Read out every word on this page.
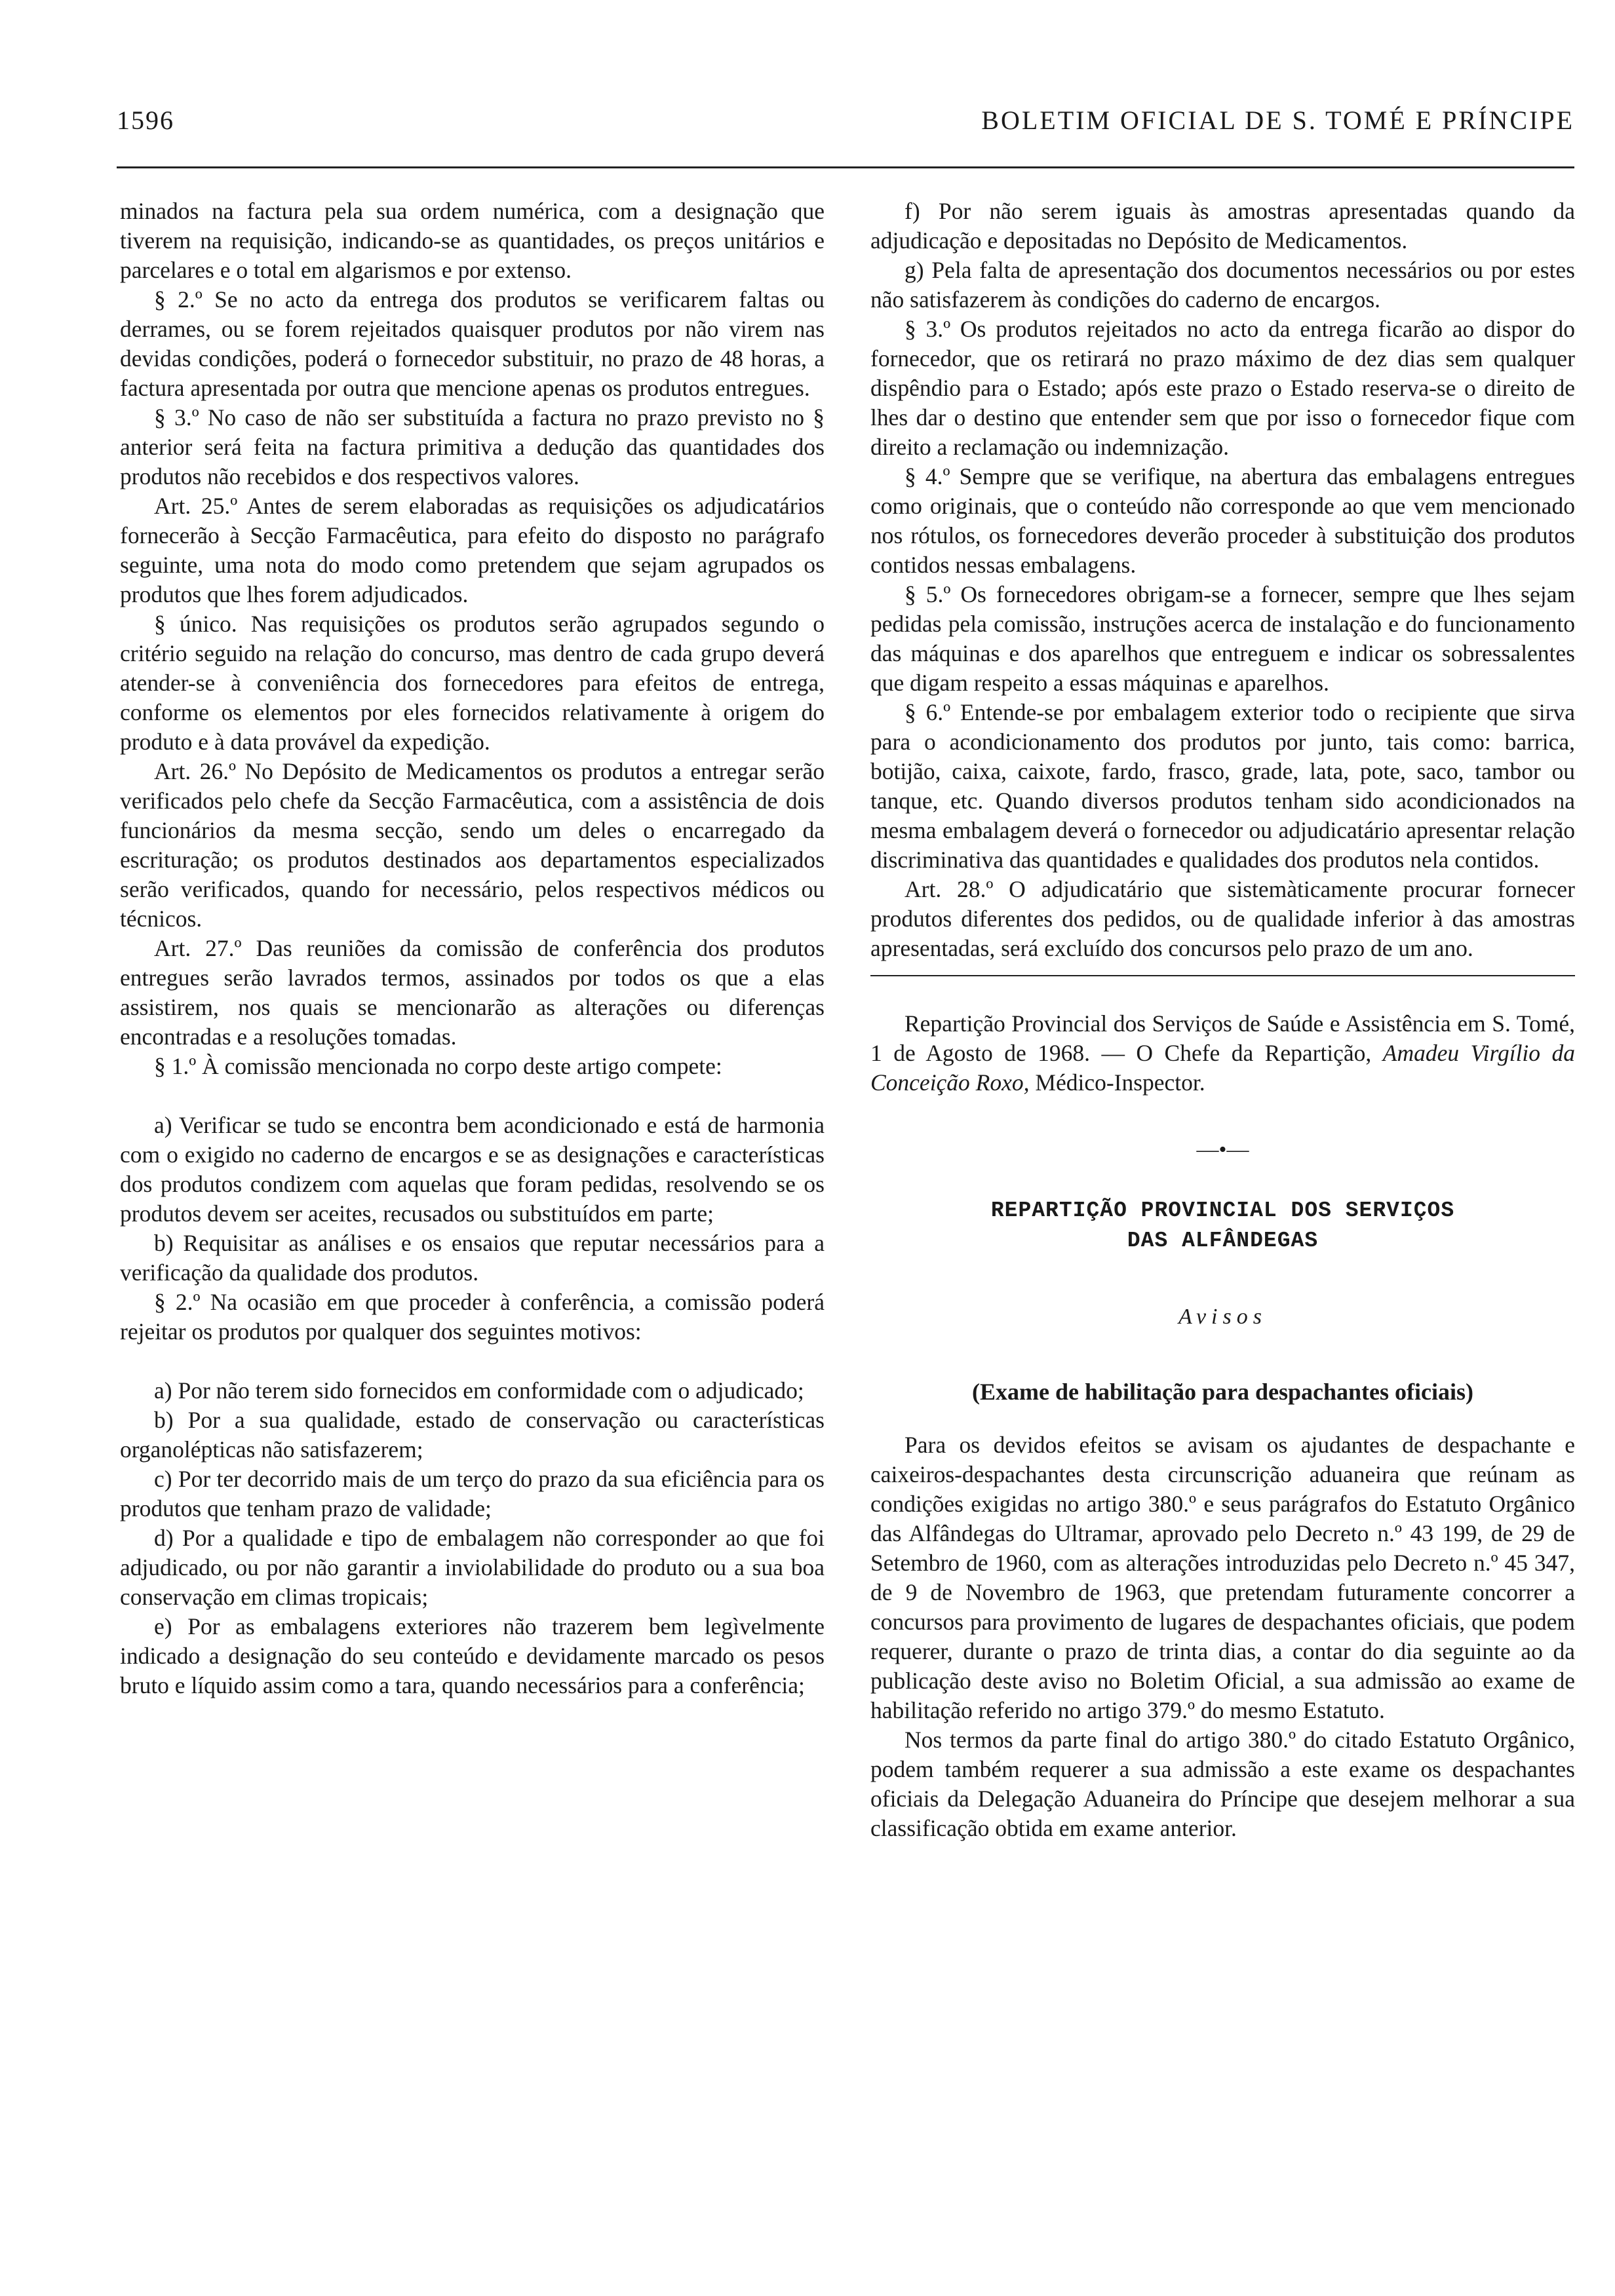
1596	BOLETIM OFICIAL DE S. TOMÉ E PRÍNCIPE

minados na factura pela sua ordem numérica, com a designação que tiverem na requisição, indicando-se as quantidades, os preços unitários e parcelares e o total em algarismos e por extenso.

§ 2.º Se no acto da entrega dos produtos se verificarem faltas ou derrames, ou se forem rejeitados quaisquer produtos por não virem nas devidas condições, poderá o fornecedor substituir, no prazo de 48 horas, a factura apresentada por outra que mencione apenas os produtos entregues.

§ 3.º No caso de não ser substituída a factura no prazo previsto no § anterior será feita na factura primitiva a dedução das quantidades dos produtos não recebidos e dos respectivos valores.

Art. 25.º Antes de serem elaboradas as requisições os adjudicatários fornecerão à Secção Farmacêutica, para efeito do disposto no parágrafo seguinte, uma nota do modo como pretendem que sejam agrupados os produtos que lhes forem adjudicados.

§ único. Nas requisições os produtos serão agrupados segundo o critério seguido na relação do concurso, mas dentro de cada grupo deverá atender-se à conveniência dos fornecedores para efeitos de entrega, conforme os elementos por eles fornecidos relativamente à origem do produto e à data provável da expedição.

Art. 26.º No Depósito de Medicamentos os produtos a entregar serão verificados pelo chefe da Secção Farmacêutica, com a assistência de dois funcionários da mesma secção, sendo um deles o encarregado da escrituração; os produtos destinados aos departamentos especializados serão verificados, quando for necessário, pelos respectivos médicos ou técnicos.

Art. 27.º Das reuniões da comissão de conferência dos produtos entregues serão lavrados termos, assinados por todos os que a elas assistirem, nos quais se mencionarão as alterações ou diferenças encontradas e a resoluções tomadas.

§ 1.º À comissão mencionada no corpo deste artigo compete:

a) Verificar se tudo se encontra bem acondicionado e está de harmonia com o exigido no caderno de encargos e se as designações e características dos produtos condizem com aquelas que foram pedidas, resolvendo se os produtos devem ser aceites, recusados ou substituídos em parte;

b) Requisitar as análises e os ensaios que reputar necessários para a verificação da qualidade dos produtos.

§ 2.º Na ocasião em que proceder à conferência, a comissão poderá rejeitar os produtos por qualquer dos seguintes motivos:

a) Por não terem sido fornecidos em conformidade com o adjudicado;

b) Por a sua qualidade, estado de conservação ou características organolépticas não satisfazerem;

c) Por ter decorrido mais de um terço do prazo da sua eficiência para os produtos que tenham prazo de validade;

d) Por a qualidade e tipo de embalagem não corresponder ao que foi adjudicado, ou por não garantir a inviolabilidade do produto ou a sua boa conservação em climas tropicais;

e) Por as embalagens exteriores não trazerem bem legìvelmente indicado a designação do seu conteúdo e devidamente marcado os pesos bruto e líquido assim como a tara, quando necessários para a conferência;

f) Por não serem iguais às amostras apresentadas quando da adjudicação e depositadas no Depósito de Medicamentos.

g) Pela falta de apresentação dos documentos necessários ou por estes não satisfazerem às condições do caderno de encargos.

§ 3.º Os produtos rejeitados no acto da entrega ficarão ao dispor do fornecedor, que os retirará no prazo máximo de dez dias sem qualquer dispêndio para o Estado; após este prazo o Estado reserva-se o direito de lhes dar o destino que entender sem que por isso o fornecedor fique com direito a reclamação ou indemnização.

§ 4.º Sempre que se verifique, na abertura das embalagens entregues como originais, que o conteúdo não corresponde ao que vem mencionado nos rótulos, os fornecedores deverão proceder à substituição dos produtos contidos nessas embalagens.

§ 5.º Os fornecedores obrigam-se a fornecer, sempre que lhes sejam pedidas pela comissão, instruções acerca de instalação e do funcionamento das máquinas e dos aparelhos que entreguem e indicar os sobressalentes que digam respeito a essas máquinas e aparelhos.

§ 6.º Entende-se por embalagem exterior todo o recipiente que sirva para o acondicionamento dos produtos por junto, tais como: barrica, botijão, caixa, caixote, fardo, frasco, grade, lata, pote, saco, tambor ou tanque, etc. Quando diversos produtos tenham sido acondicionados na mesma embalagem deverá o fornecedor ou adjudicatário apresentar relação discriminativa das quantidades e qualidades dos produtos nela contidos.

Art. 28.º O adjudicatário que sistemàticamente procurar fornecer produtos diferentes dos pedidos, ou de qualidade inferior à das amostras apresentadas, será excluído dos concursos pelo prazo de um ano.

Repartição Provincial dos Serviços de Saúde e Assistência em S. Tomé, 1 de Agosto de 1968. — O Chefe da Repartição, Amadeu Virgílio da Conceição Roxo, Médico-Inspector.

—•—
REPARTIÇÃO PROVINCIAL DOS SERVIÇOS
DAS ALFÂNDEGAS
Avisos
(Exame de habilitação para despachantes oficiais)

Para os devidos efeitos se avisam os ajudantes de despachante e caixeiros-despachantes desta circunscrição aduaneira que reúnam as condições exigidas no artigo 380.º e seus parágrafos do Estatuto Orgânico das Alfândegas do Ultramar, aprovado pelo Decreto n.º 43 199, de 29 de Setembro de 1960, com as alterações introduzidas pelo Decreto n.º 45 347, de 9 de Novembro de 1963, que pretendam futuramente concorrer a concursos para provimento de lugares de despachantes oficiais, que podem requerer, durante o prazo de trinta dias, a contar do dia seguinte ao da publicação deste aviso no Boletim Oficial, a sua admissão ao exame de habilitação referido no artigo 379.º do mesmo Estatuto.

Nos termos da parte final do artigo 380.º do citado Estatuto Orgânico, podem também requerer a sua admissão a este exame os despachantes oficiais da Delegação Aduaneira do Príncipe que desejem melhorar a sua classificação obtida em exame anterior.
